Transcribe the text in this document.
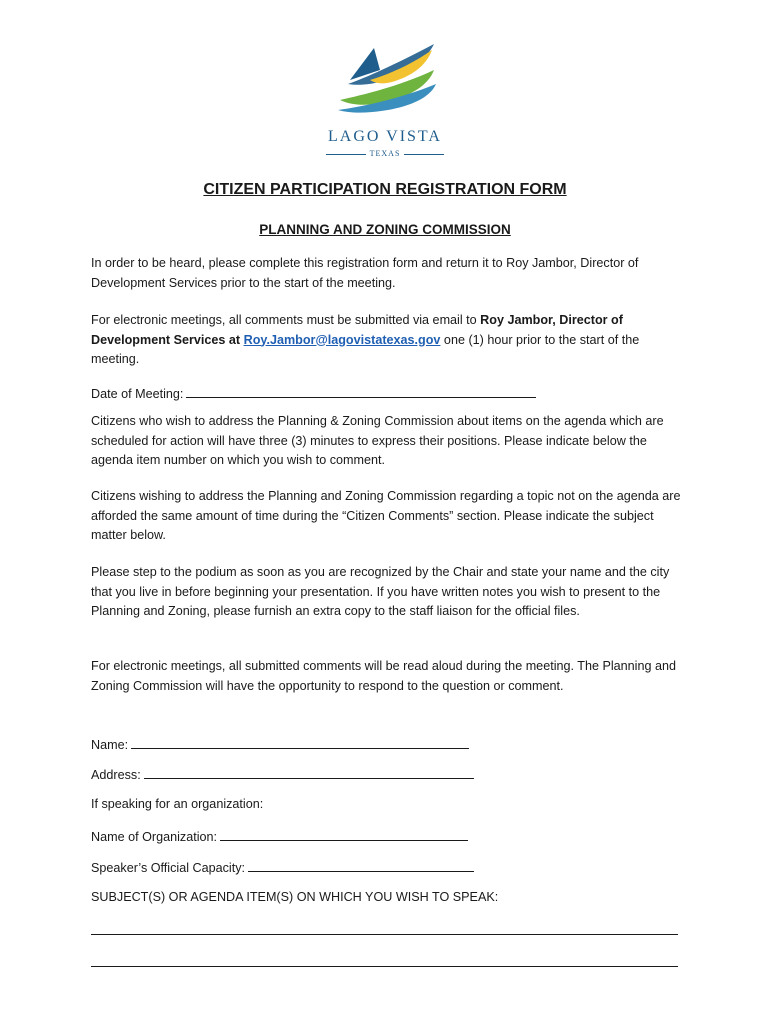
LAGO VISTA
TEXAS
CITIZEN PARTICIPATION REGISTRATION FORM
PLANNING AND ZONING COMMISSION
In order to be heard, please complete this registration form and return it to Roy Jambor, Director of Development Services prior to the start of the meeting.
For electronic meetings, all comments must be submitted via email to Roy Jambor, Director of Development Services at Roy.Jambor@lagovistatexas.gov one (1) hour prior to the start of the meeting.
Date of Meeting:
Citizens who wish to address the Planning & Zoning Commission about items on the agenda which are scheduled for action will have three (3) minutes to express their positions. Please indicate below the agenda item number on which you wish to comment.
Citizens wishing to address the Planning and Zoning Commission regarding a topic not on the agenda are afforded the same amount of time during the “Citizen Comments” section. Please indicate the subject matter below.
Please step to the podium as soon as you are recognized by the Chair and state your name and the city that you live in before beginning your presentation. If you have written notes you wish to present to the Planning and Zoning, please furnish an extra copy to the staff liaison for the official files.
For electronic meetings, all submitted comments will be read aloud during the meeting. The Planning and Zoning Commission will have the opportunity to respond to the question or comment.
Name:
Address:
If speaking for an organization:
Name of Organization:
Speaker’s Official Capacity:
SUBJECT(S) OR AGENDA ITEM(S) ON WHICH YOU WISH TO SPEAK:
